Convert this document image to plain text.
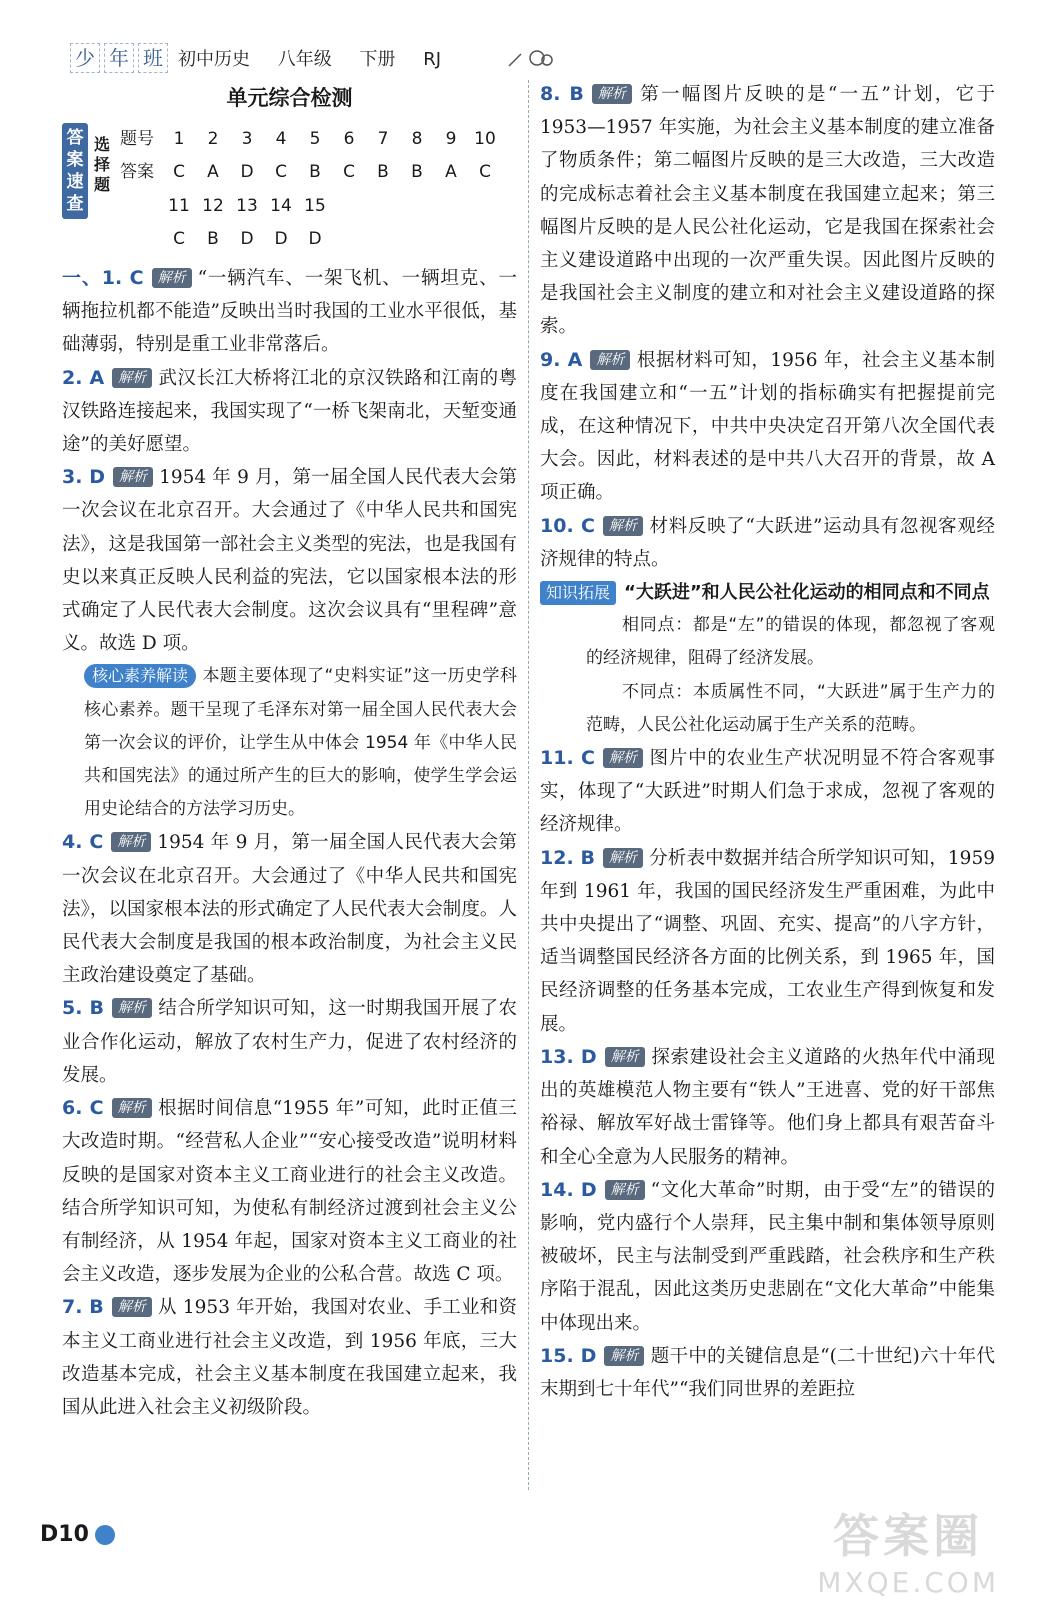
少 年 班 初中历史 八年级 下册 RJ
单元综合检测
答案速查
选择题
题号	1	2	3	4	5	6	7	8	9	10
答案	C	A	D	C	B	C	B	B	A	C
	11	12	13	14	15					
	C	B	D	D	D					

一、1. C 解析 “一辆汽车、一架飞机、一辆坦克、一辆拖拉机都不能造”反映出当时我国的工业水平很低，基础薄弱，特别是重工业非常落后。

2. A 解析 武汉长江大桥将江北的京汉铁路和江南的粤汉铁路连接起来，我国实现了“一桥飞架南北，天堑变通途”的美好愿望。

3. D 解析 1954 年 9 月，第一届全国人民代表大会第一次会议在北京召开。大会通过了《中华人民共和国宪法》，这是我国第一部社会主义类型的宪法，也是我国有史以来真正反映人民利益的宪法，它以国家根本法的形式确定了人民代表大会制度。这次会议具有“里程碑”意义。故选 D 项。

核心素养解读 本题主要体现了“史料实证”这一历史学科核心素养。题干呈现了毛泽东对第一届全国人民代表大会第一次会议的评价，让学生从中体会 1954 年《中华人民共和国宪法》的通过所产生的巨大的影响，使学生学会运用史论结合的方法学习历史。

4. C 解析 1954 年 9 月，第一届全国人民代表大会第一次会议在北京召开。大会通过了《中华人民共和国宪法》，以国家根本法的形式确定了人民代表大会制度。人民代表大会制度是我国的根本政治制度，为社会主义民主政治建设奠定了基础。

5. B 解析 结合所学知识可知，这一时期我国开展了农业合作化运动，解放了农村生产力，促进了农村经济的发展。

6. C 解析 根据时间信息“1955 年”可知，此时正值三大改造时期。“经营私人企业”“安心接受改造”说明材料反映的是国家对资本主义工商业进行的社会主义改造。结合所学知识可知，为使私有制经济过渡到社会主义公有制经济，从 1954 年起，国家对资本主义工商业的社会主义改造，逐步发展为企业的公私合营。故选 C 项。

7. B 解析 从 1953 年开始，我国对农业、手工业和资本主义工商业进行社会主义改造，到 1956 年底，三大改造基本完成，社会主义基本制度在我国建立起来，我国从此进入社会主义初级阶段。

8. B 解析 第一幅图片反映的是“一五”计划，它于 1953—1957 年实施，为社会主义基本制度的建立准备了物质条件；第二幅图片反映的是三大改造，三大改造的完成标志着社会主义基本制度在我国建立起来；第三幅图片反映的是人民公社化运动，它是我国在探索社会主义建设道路中出现的一次严重失误。因此图片反映的是我国社会主义制度的建立和对社会主义建设道路的探索。

9. A 解析 根据材料可知，1956 年，社会主义基本制度在我国建立和“一五”计划的指标确实有把握提前完成，在这种情况下，中共中央决定召开第八次全国代表大会。因此，材料表述的是中共八大召开的背景，故 A 项正确。

10. C 解析 材料反映了“大跃进”运动具有忽视客观经济规律的特点。

知识拓展 “大跃进”和人民公社化运动的相同点和不同点
相同点：都是“左”的错误的体现，都忽视了客观的经济规律，阻碍了经济发展。
不同点：本质属性不同，“大跃进”属于生产力的范畴，人民公社化运动属于生产关系的范畴。

11. C 解析 图片中的农业生产状况明显不符合客观事实，体现了“大跃进”时期人们急于求成，忽视了客观的经济规律。

12. B 解析 分析表中数据并结合所学知识可知，1959 年到 1961 年，我国的国民经济发生严重困难，为此中共中央提出了“调整、巩固、充实、提高”的八字方针，适当调整国民经济各方面的比例关系，到 1965 年，国民经济调整的任务基本完成，工农业生产得到恢复和发展。

13. D 解析 探索建设社会主义道路的火热年代中涌现出的英雄模范人物主要有“铁人”王进喜、党的好干部焦裕禄、解放军好战士雷锋等。他们身上都具有艰苦奋斗和全心全意为人民服务的精神。

14. D 解析 “文化大革命”时期，由于受“左”的错误的影响，党内盛行个人崇拜，民主集中制和集体领导原则被破坏，民主与法制受到严重践踏，社会秩序和生产秩序陷于混乱，因此这类历史悲剧在“文化大革命”中能集中体现出来。

15. D 解析 题干中的关键信息是“(二十世纪)六十年代末期到七十年代”“我们同世界的差距拉

D10	答案圈
MXQE.COM
